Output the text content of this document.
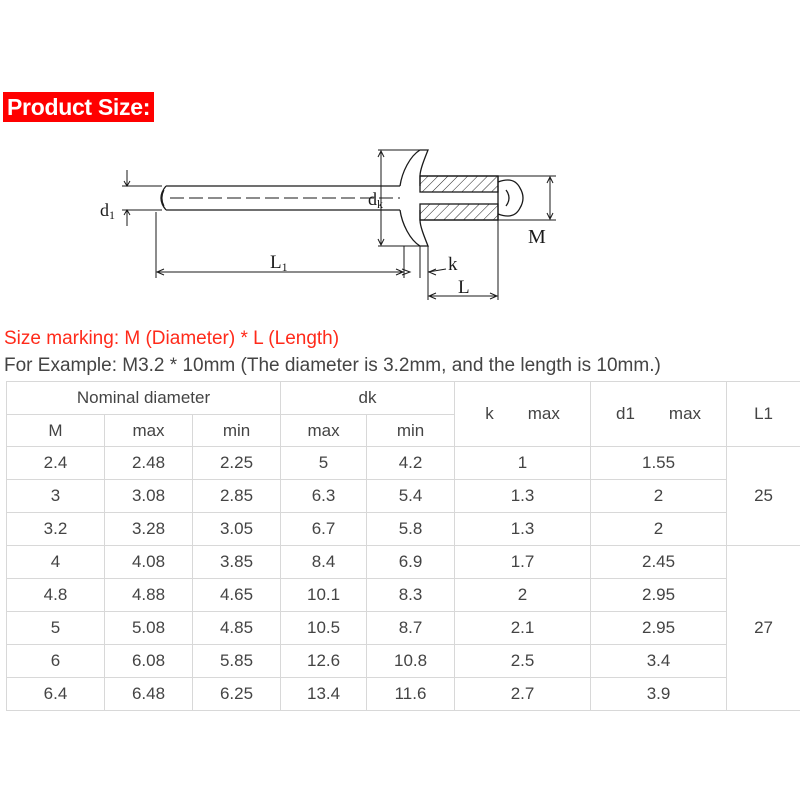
Product Size:
d1
dk
M
L1	k
L
Size marking: M (Diameter) * L (Length)
For Example: M3.2 * 10mm (The diameter is 3.2mm, and the length is 10mm.)
Nominal diameter			dk		k max	d1 max	L1
M	max	min	max	min			
2.4	2.48	2.25	5	4.2	1	1.55	25
3	3.08	2.85	6.3	5.4	1.3	2	
3.2	3.28	3.05	6.7	5.8	1.3	2	
4	4.08	3.85	8.4	6.9	1.7	2.45	27
4.8	4.88	4.65	10.1	8.3	2	2.95	
5	5.08	4.85	10.5	8.7	2.1	2.95	
6	6.08	5.85	12.6	10.8	2.5	3.4	
6.4	6.48	6.25	13.4	11.6	2.7	3.9	
